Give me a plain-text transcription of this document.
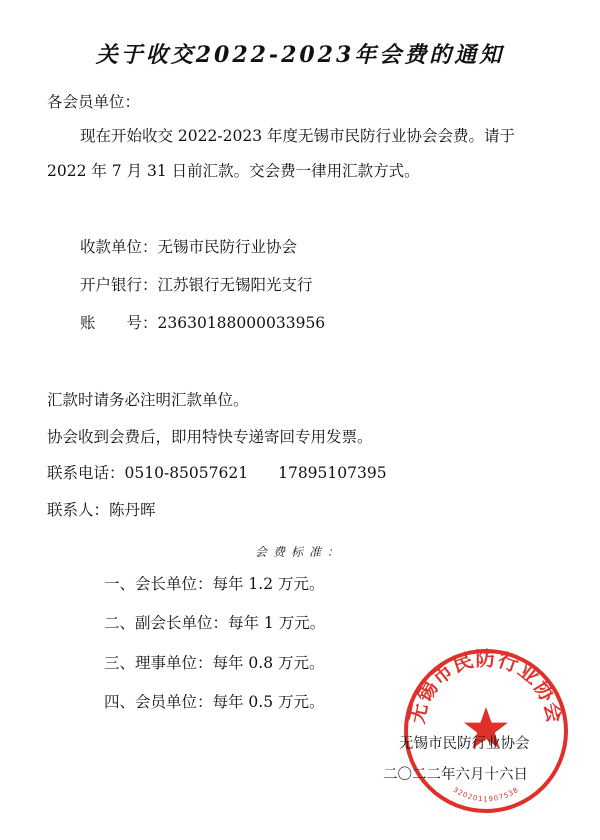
关于收交2022-2023年会费的通知
各会员单位：
现在开始收交 2022-2023 年度无锡市民防行业协会会费。请于
2022 年 7 月 31 日前汇款。交会费一律用汇款方式。
收款单位：无锡市民防行业协会
开户银行：江苏银行无锡阳光支行
账　　号：23630188000033956
汇款时请务必注明汇款单位。
协会收到会费后，即用特快专递寄回专用发票。
联系电话：0510-85057621 17895107395
联系人：陈丹晖
会费标准：
一、会长单位：每年 1.2 万元。
二、副会长单位：每年 1 万元。
三、理事单位：每年 0.8 万元。
四、会员单位：每年 0.5 万元。	无锡市民防行业协会
3202011907538
无锡市民防行业协会
二〇二二年六月十六日
